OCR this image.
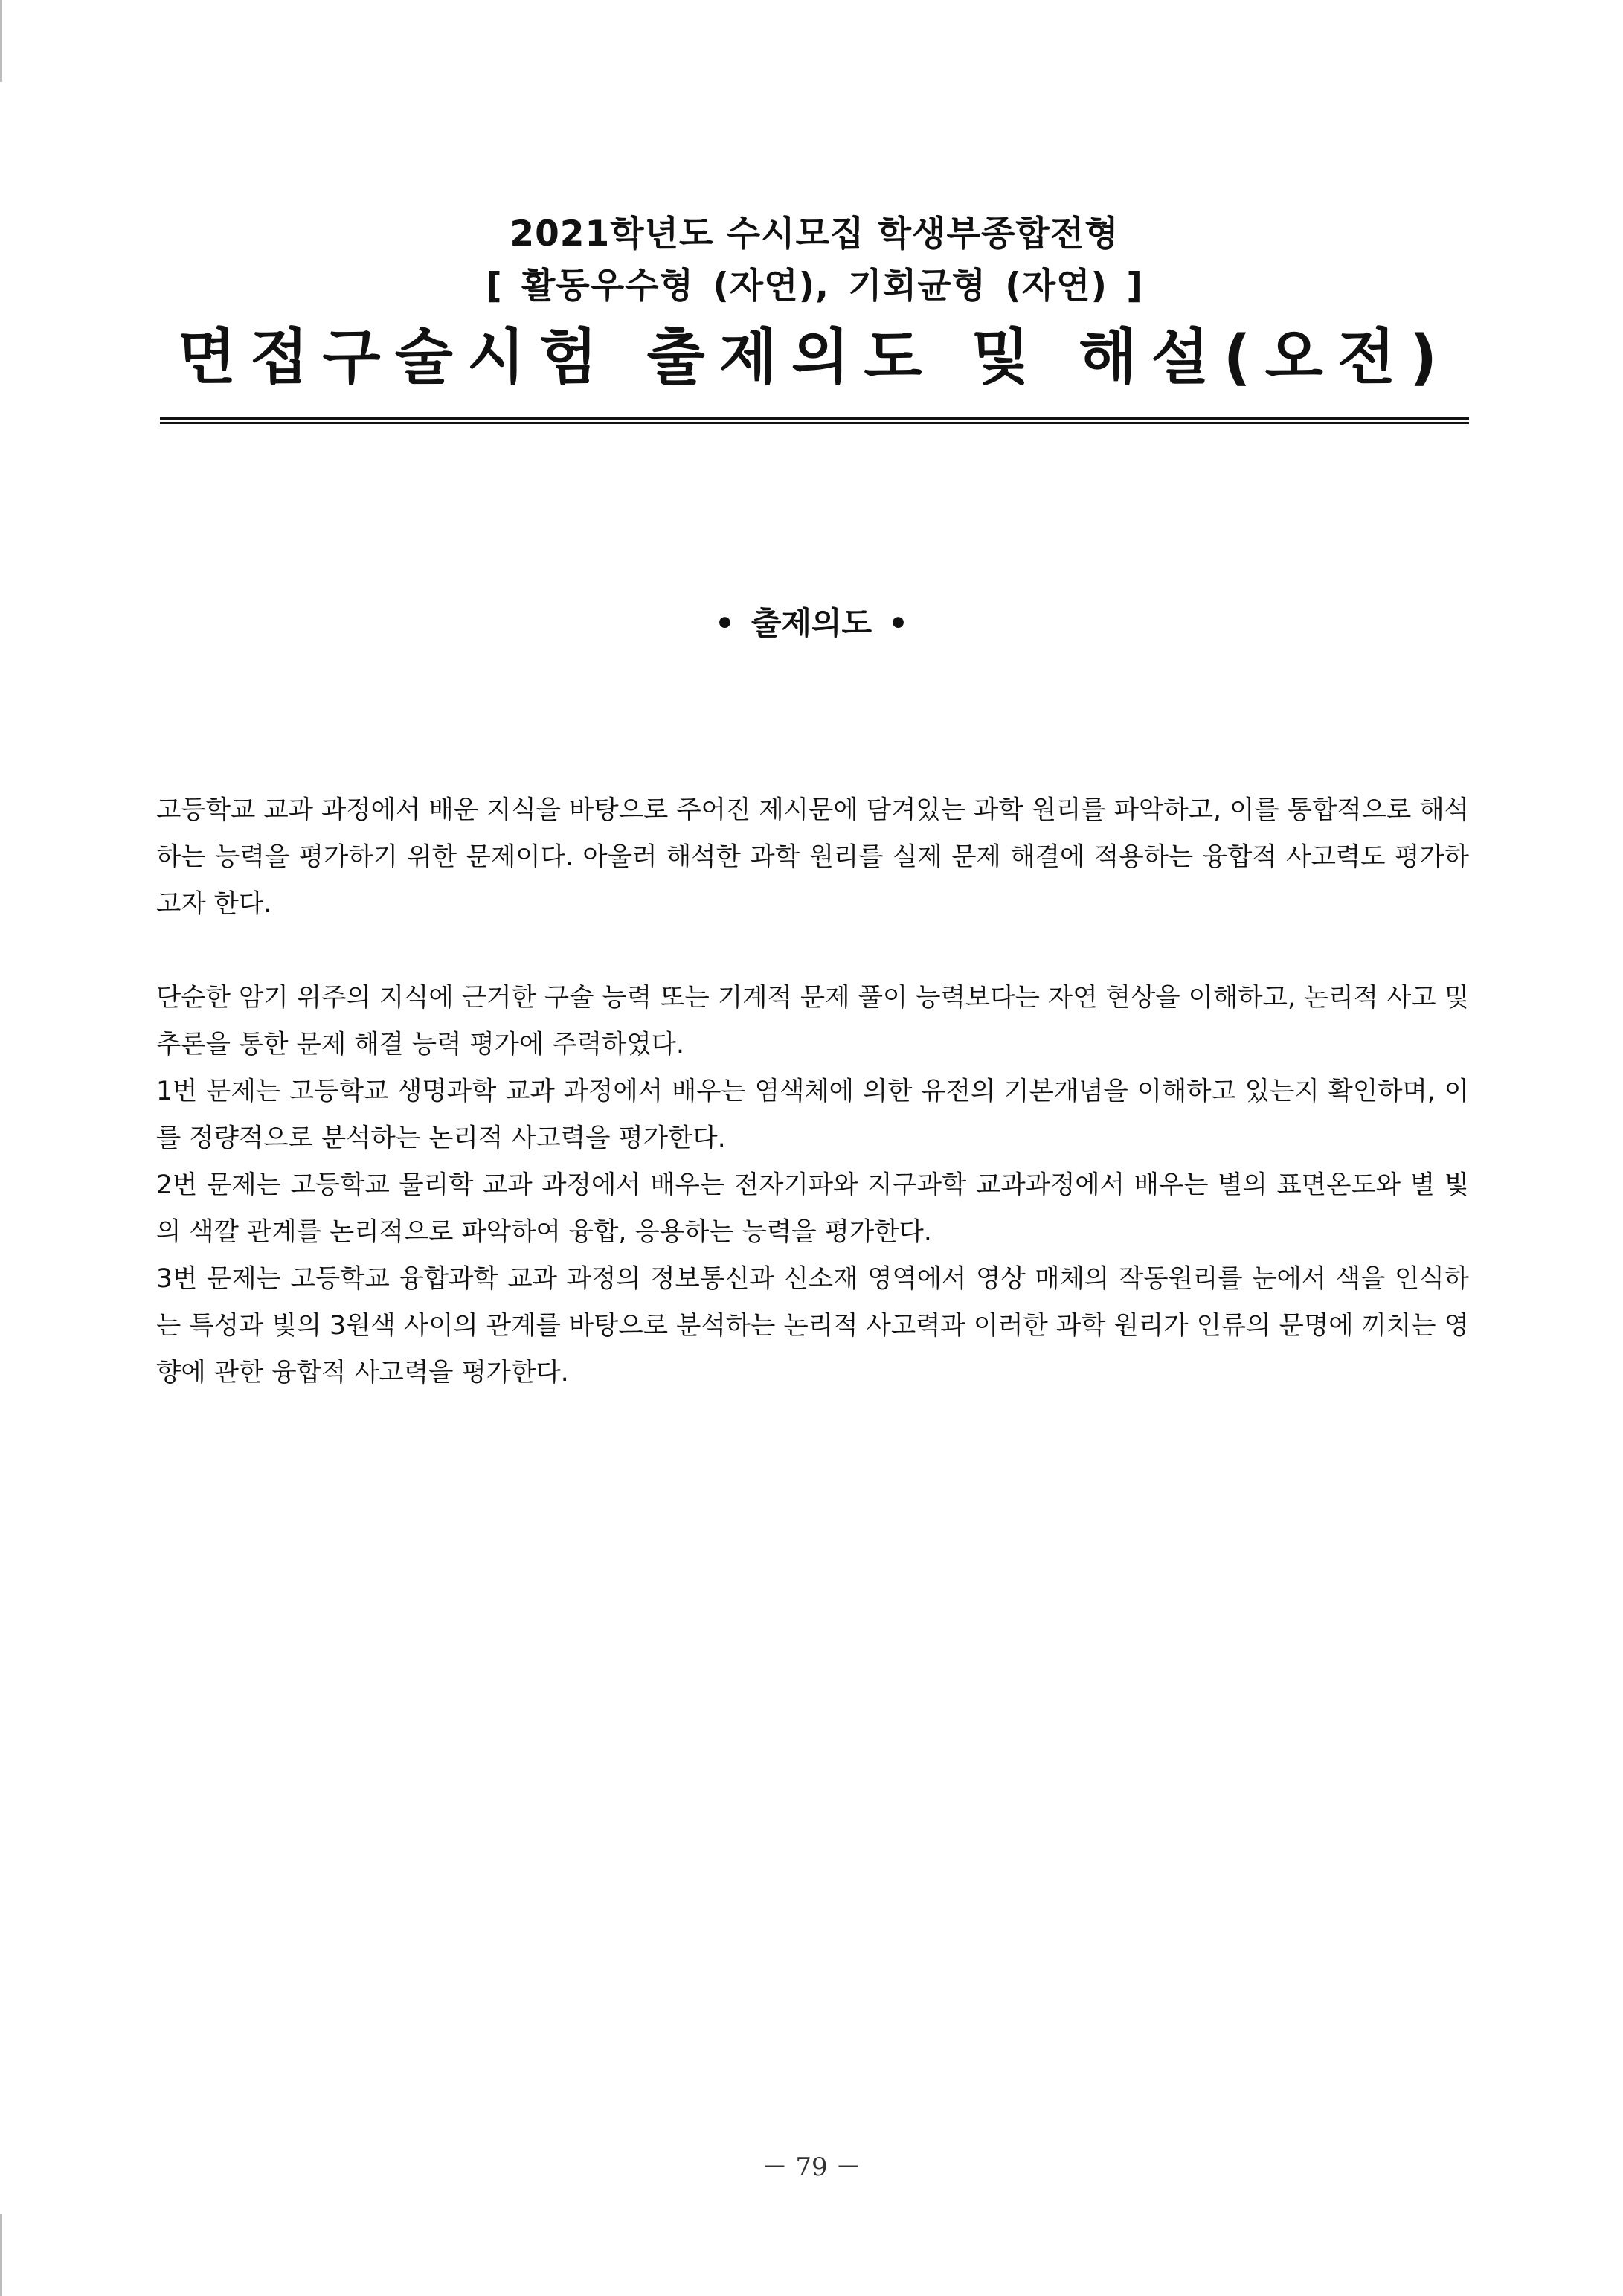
2021학년도 수시모집 학생부종합전형
[ 활동우수형 (자연), 기회균형 (자연) ]
면접구술시험 출제의도 및 해설(오전)
• 출제의도 •

고등학교 교과 과정에서 배운 지식을 바탕으로 주어진 제시문에 담겨있는 과학 원리를 파악하고, 이를 통합적으로 해석하는 능력을 평가하기 위한 문제이다. 아울러 해석한 과학 원리를 실제 문제 해결에 적용하는 융합적 사고력도 평가하고자 한다.

단순한 암기 위주의 지식에 근거한 구술 능력 또는 기계적 문제 풀이 능력보다는 자연 현상을 이해하고, 논리적 사고 및 추론을 통한 문제 해결 능력 평가에 주력하였다.

1번 문제는 고등학교 생명과학 교과 과정에서 배우는 염색체에 의한 유전의 기본개념을 이해하고 있는지 확인하며, 이를 정량적으로 분석하는 논리적 사고력을 평가한다.

2번 문제는 고등학교 물리학 교과 과정에서 배우는 전자기파와 지구과학 교과과정에서 배우는 별의 표면온도와 별 빛의 색깔 관계를 논리적으로 파악하여 융합, 응용하는 능력을 평가한다.

3번 문제는 고등학교 융합과학 교과 과정의 정보통신과 신소재 영역에서 영상 매체의 작동원리를 눈에서 색을 인식하는 특성과 빛의 3원색 사이의 관계를 바탕으로 분석하는 논리적 사고력과 이러한 과학 원리가 인류의 문명에 끼치는 영향에 관한 융합적 사고력을 평가한다.

－ 79 －
